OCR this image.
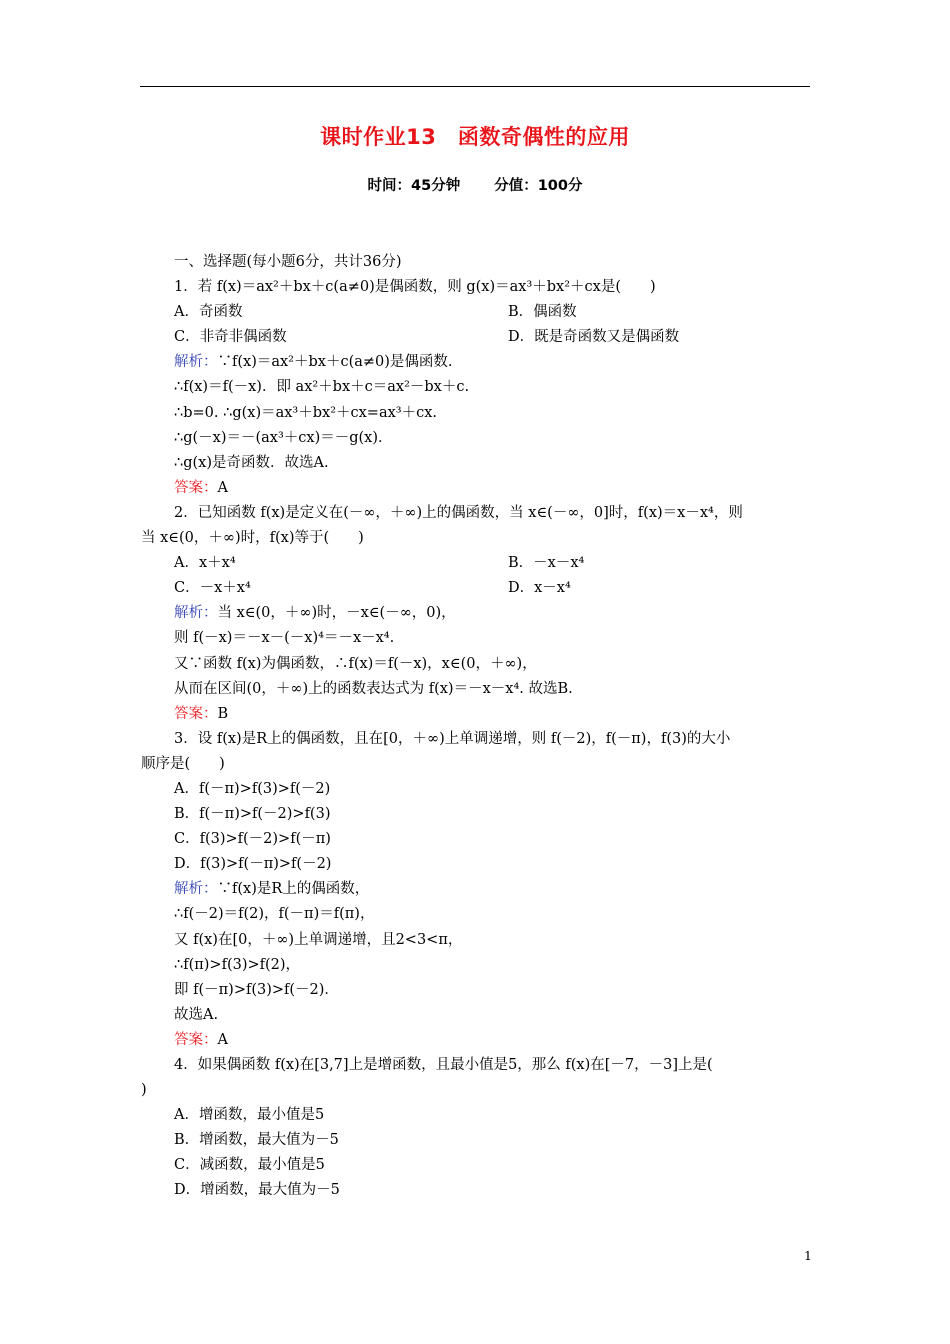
课时作业13　函数奇偶性的应用
时间：45分钟 分值：100分
一、选择题(每小题6分，共计36分)
1．若 f(x)＝ax²＋bx＋c(a≠0)是偶函数，则 g(x)＝ax³＋bx²＋cx是(　　)
A．奇函数	B．偶函数
C．非奇非偶函数	D．既是奇函数又是偶函数
解析：∵f(x)＝ax²＋bx＋c(a≠0)是偶函数.
∴f(x)＝f(－x)．即 ax²＋bx＋c＝ax²－bx＋c.
∴b=0. ∴g(x)＝ax³＋bx²＋cx=ax³＋cx.
∴g(－x)＝－(ax³＋cx)＝－g(x)．
∴g(x)是奇函数．故选A.
答案：A
2．已知函数 f(x)是定义在(－∞，＋∞)上的偶函数，当 x∈(－∞，0]时，f(x)＝x－x⁴，则
当 x∈(0，＋∞)时，f(x)等于(　　)
A．x＋x⁴	B．－x－x⁴
C．－x＋x⁴	D．x－x⁴
解析：当 x∈(0，＋∞)时，－x∈(－∞，0)，
则 f(－x)＝－x－(－x)⁴＝－x－x⁴.
又∵函数 f(x)为偶函数，∴f(x)＝f(－x)，x∈(0，＋∞)，
从而在区间(0，＋∞)上的函数表达式为 f(x)＝－x－x⁴. 故选B.
答案：B
3．设 f(x)是R上的偶函数，且在[0，＋∞)上单调递增，则 f(－2)，f(－π)，f(3)的大小
顺序是(　　)
A．f(－π)>f(3)>f(－2)
B．f(－π)>f(－2)>f(3)
C．f(3)>f(－2)>f(－π)
D．f(3)>f(－π)>f(－2)
解析：∵f(x)是R上的偶函数，
∴f(－2)＝f(2)，f(－π)＝f(π)，
又 f(x)在[0，＋∞)上单调递增，且2<3<π，
∴f(π)>f(3)>f(2)，
即 f(－π)>f(3)>f(－2)．
故选A.
答案：A
4．如果偶函数 f(x)在[3,7]上是增函数，且最小值是5，那么 f(x)在[－7，－3]上是(
)
A．增函数，最小值是5
B．增函数，最大值为－5
C．减函数，最小值是5
D．增函数，最大值为－5
1
